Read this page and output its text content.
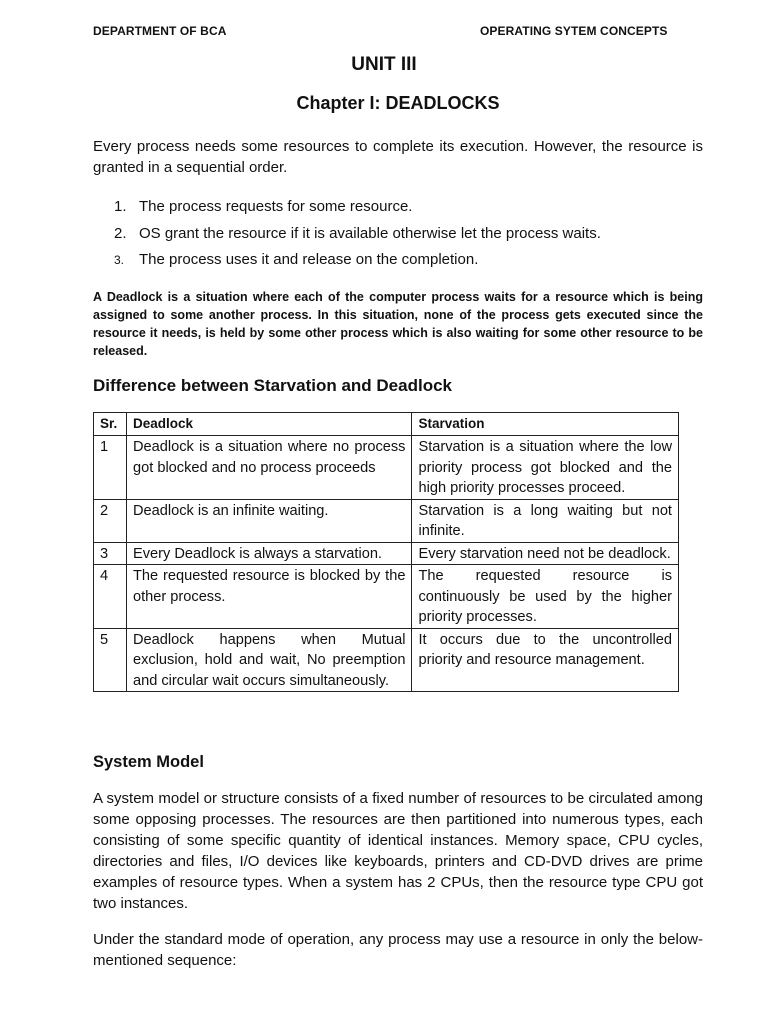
DEPARTMENT OF BCA	OPERATING SYTEM CONCEPTS
UNIT III
Chapter I: DEADLOCKS
Every process needs some resources to complete its execution. However, the resource is granted in a sequential order.
1. The process requests for some resource.
2. OS grant the resource if it is available otherwise let the process waits.
3. The process uses it and release on the completion.
A Deadlock is a situation where each of the computer process waits for a resource which is being assigned to some another process. In this situation, none of the process gets executed since the resource it needs, is held by some other process which is also waiting for some other resource to be released.
Difference between Starvation and Deadlock
Sr.	Deadlock	Starvation
1	Deadlock is a situation where no process got blocked and no process proceeds	Starvation is a situation where the low priority process got blocked and the high priority processes proceed.
2	Deadlock is an infinite waiting.	Starvation is a long waiting but not infinite.
3	Every Deadlock is always a starvation.	Every starvation need not be deadlock.
4	The requested resource is blocked by the other process.	The requested resource is continuously be used by the higher priority processes.
5	Deadlock happens when Mutual exclusion, hold and wait, No preemption and circular wait occurs simultaneously.	It occurs due to the uncontrolled priority and resource management.
System Model
A system model or structure consists of a fixed number of resources to be circulated among some opposing processes. The resources are then partitioned into numerous types, each consisting of some specific quantity of identical instances. Memory space, CPU cycles, directories and files, I/O devices like keyboards, printers and CD-DVD drives are prime examples of resource types. When a system has 2 CPUs, then the resource type CPU got two instances.
Under the standard mode of operation, any process may use a resource in only the below-mentioned sequence:
